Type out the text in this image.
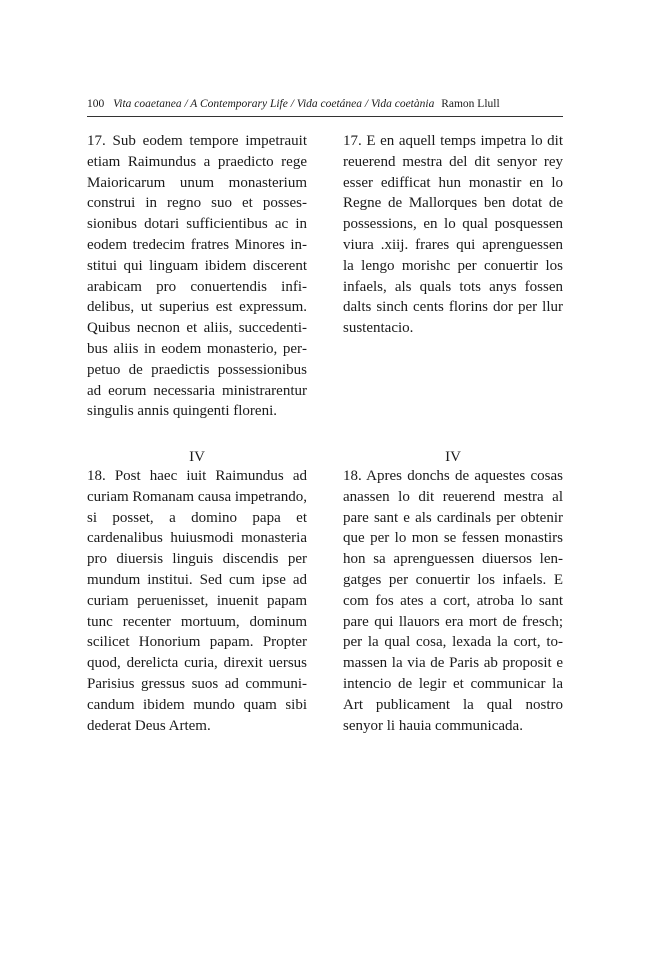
100 Vita coaetanea / A Contemporary Life / Vida coetánea / Vida coetània Ramon Llull
17. Sub eodem tempore impetrauit etiam Raimundus a praedicto rege Maioricarum unum monasterium construi in regno suo et possessionibus dotari sufficientibus ac in eodem tredecim fratres Minores institui qui linguam ibidem discerent arabicam pro conuertendis infidelibus, ut superius est expressum. Quibus necnon et aliis, succedentibus aliis in eodem monasterio, perpetuo de praedictis possessionibus ad eorum necessaria ministrarentur singulis annis quingenti floreni.
17. E en aquell temps impetra lo dit reuerend mestra del dit senyor rey esser edifficat hun monastir en lo Regne de Mallorques ben dotat de possessions, en lo qual posquessen viura .xiij. frares qui aprenguessen la lengo morishc per conuertir los infaels, als quals tots anys fossen dalts sinch cents florins dor per llur sustentacio.
IV	IV
18. Post haec iuit Raimundus ad curiam Romanam causa impetrando, si posset, a domino papa et cardenalibus huiusmodi monasteria pro diuersis linguis discendis per mundum institui. Sed cum ipse ad curiam peruenisset, inuenit papam tunc recenter mortuum, dominum scilicet Honorium papam. Propter quod, derelicta curia, direxit uersus Parisius gressus suos ad communicandum ibidem mundo quam sibi dederat Deus Artem.
18. Apres donchs de aquestes cosas anassen lo dit reuerend mestra al pare sant e als cardinals per obtenir que per lo mon se fessen monastirs hon sa aprenguessen diuersos lengatges per conuertir los infaels. E com fos ates a cort, atroba lo sant pare qui llauors era mort de fresch; per la qual cosa, lexada la cort, tomassen la via de Paris ab proposit e intencio de legir et communicar la Art publicament la qual nostro senyor li hauia communicada.
